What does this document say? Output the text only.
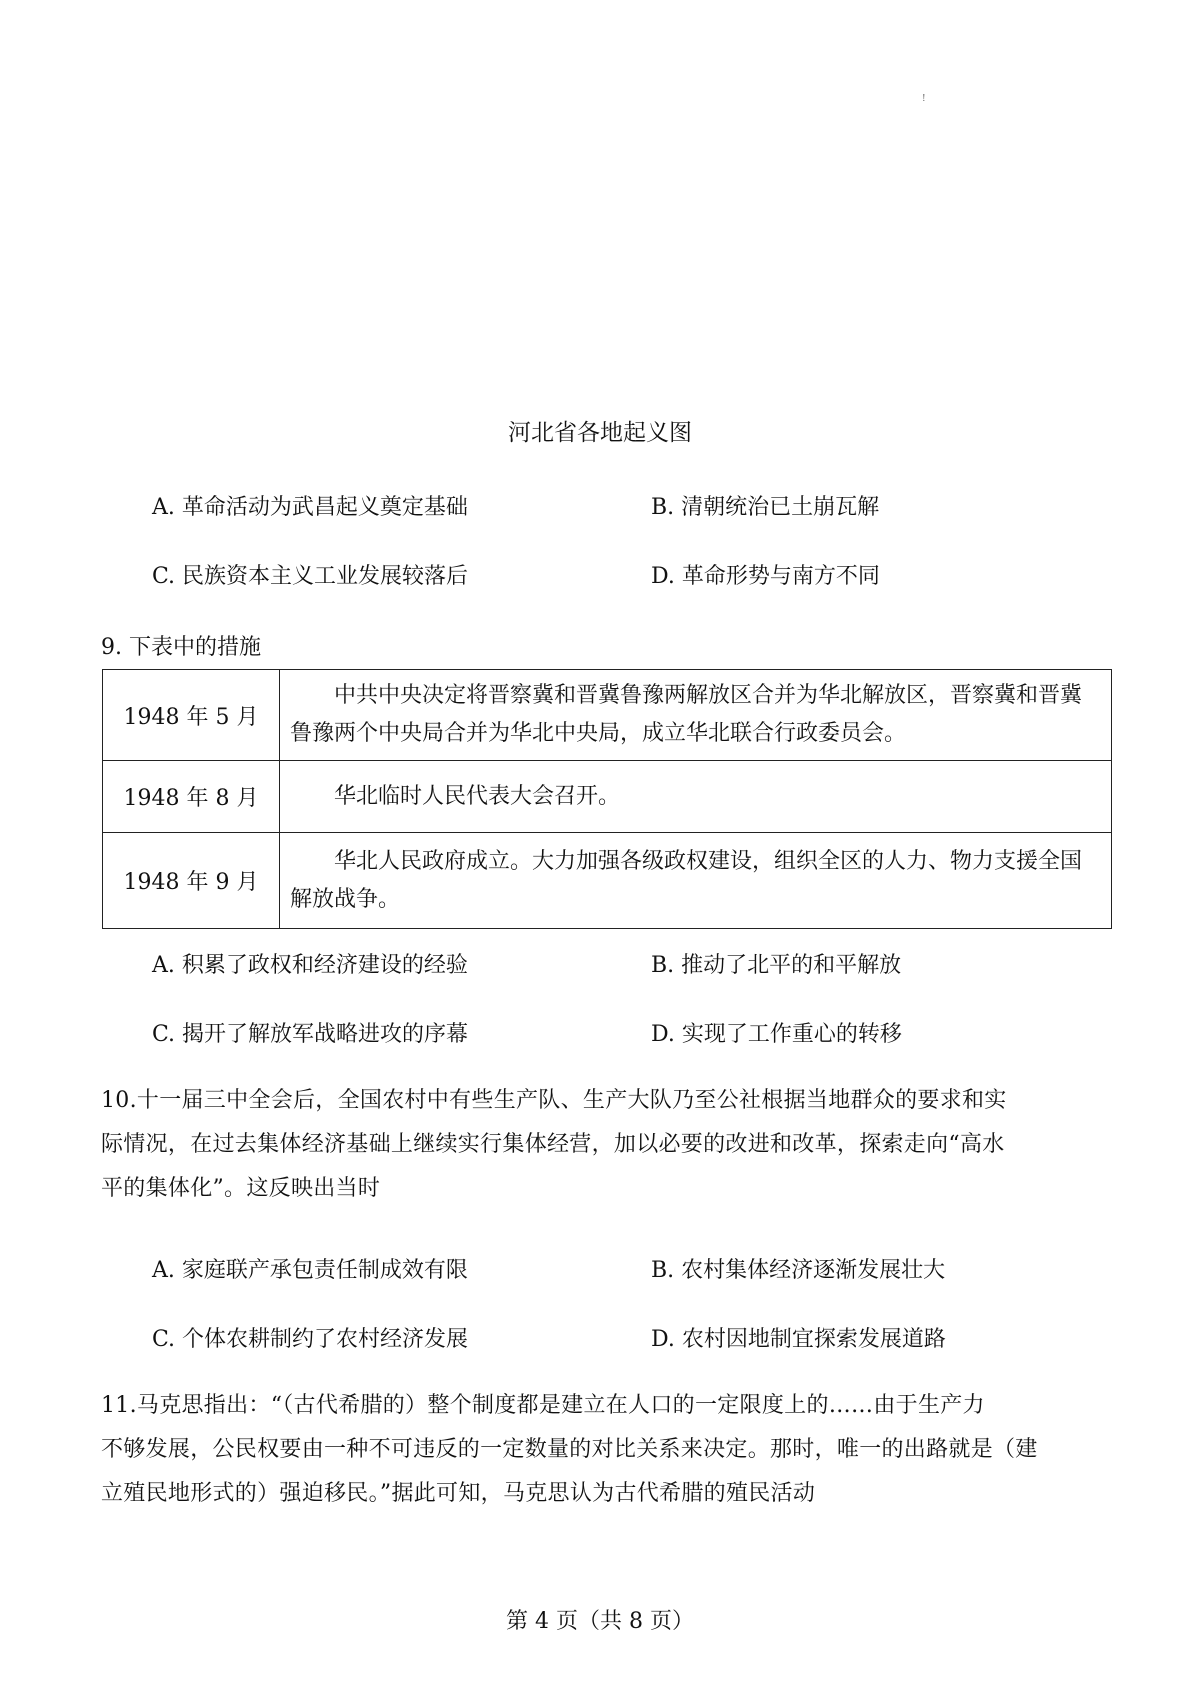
!
河北省各地起义图
A. 革命活动为武昌起义奠定基础	B. 清朝统治已土崩瓦解
C. 民族资本主义工业发展较落后	D. 革命形势与南方不同
9. 下表中的措施
1948 年 5 月	中共中央决定将晋察冀和晋冀鲁豫两解放区合并为华北解放区，晋察冀和晋冀鲁豫两个中央局合并为华北中央局，成立华北联合行政委员会。
1948 年 8 月	华北临时人民代表大会召开。
1948 年 9 月	华北人民政府成立。大力加强各级政权建设，组织全区的人力、物力支援全国解放战争。
A. 积累了政权和经济建设的经验	B. 推动了北平的和平解放
C. 揭开了解放军战略进攻的序幕	D. 实现了工作重心的转移
10.十一届三中全会后，全国农村中有些生产队、生产大队乃至公社根据当地群众的要求和实
际情况，在过去集体经济基础上继续实行集体经营，加以必要的改进和改革，探索走向“高水
平的集体化”。这反映出当时
A. 家庭联产承包责任制成效有限	B. 农村集体经济逐渐发展壮大
C. 个体农耕制约了农村经济发展	D. 农村因地制宜探索发展道路
11.马克思指出：“（古代希腊的）整个制度都是建立在人口的一定限度上的……由于生产力
不够发展，公民权要由一种不可违反的一定数量的对比关系来决定。那时，唯一的出路就是（建
立殖民地形式的）强迫移民。”据此可知，马克思认为古代希腊的殖民活动
第 4 页（共 8 页）
